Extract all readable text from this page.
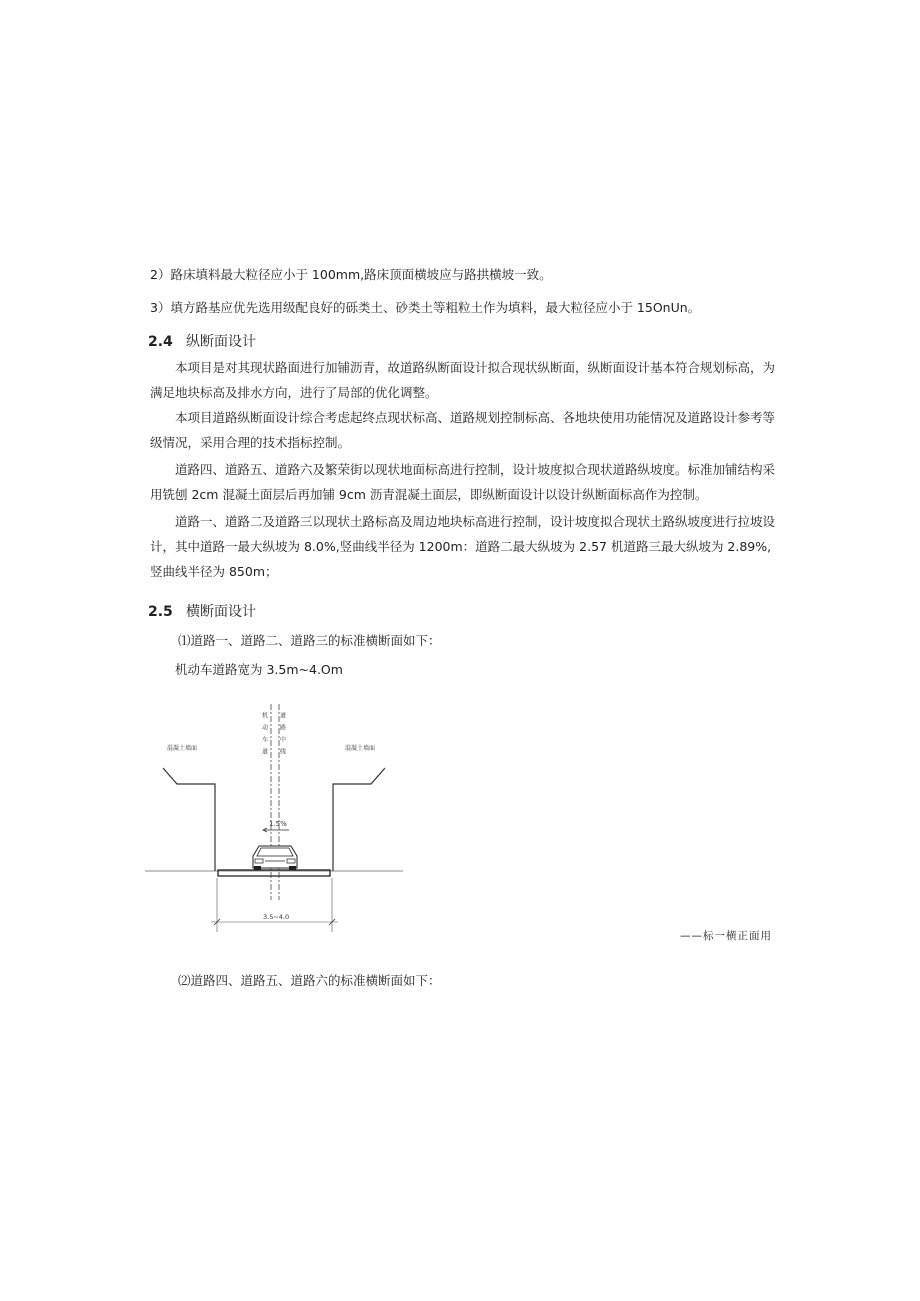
2）路床填料最大粒径应小于 100mm,路床顶面横坡应与路拱横坡一致。

3）填方路基应优先选用级配良好的砾类土、砂类土等粗粒土作为填料，最大粒径应小于 15OnUn。

2.4 纵断面设计

本项目是对其现状路面进行加铺沥青，故道路纵断面设计拟合现状纵断面，纵断面设计基本符合规划标高，为满足地块标高及排水方向，进行了局部的优化调整。

本项目道路纵断面设计综合考虑起终点现状标高、道路规划控制标高、各地块使用功能情况及道路设计参考等级情况，采用合理的技术指标控制。

道路四、道路五、道路六及繁荣街以现状地面标高进行控制，设计坡度拟合现状道路纵坡度。标准加铺结构采用铣刨 2cm 混凝土面层后再加铺 9cm 沥青混凝土面层，即纵断面设计以设计纵断面标高作为控制。

道路一、道路二及道路三以现状土路标高及周边地块标高进行控制，设计坡度拟合现状土路纵坡度进行拉坡设计，其中道路一最大纵坡为 8.0%,竖曲线半径为 1200m：道路二最大纵坡为 2.57 机道路三最大纵坡为 2.89%,竖曲线半径为 850m；

2.5 横断面设计

⑴道路一、道路二、道路三的标准横断面如下：

机动车道路宽为 3.5m~4.Om

1.5%
混凝土墙面	混凝土墙面
机动车道 道路中线
3.5~4.0

——标一横正面用

⑵道路四、道路五、道路六的标准横断面如下：
